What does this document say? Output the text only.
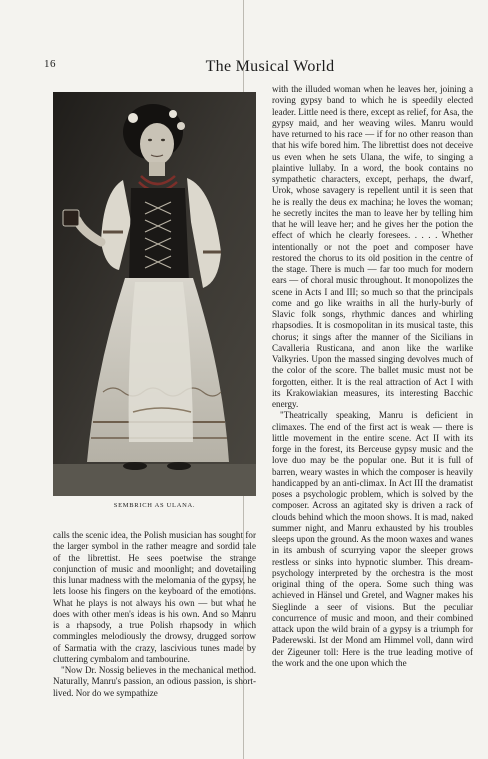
16	The Musical World
SEMBRICH AS ULANA.

calls the scenic idea, the Polish musician has sought for the larger symbol in the rather meagre and sordid tale of the librettist. He sees poetwise the strange conjunction of music and moonlight; and dovetailing this lunar madness with the melomania of the gypsy, he lets loose his fingers on the keyboard of the emotions. What he plays is not always his own — but what he does with other men's ideas is his own. And so Manru is a rhapsody, a true Polish rhapsody in which commingles melodiously the drowsy, drugged sorrow of Sarmatia with the crazy, lascivious tunes made by cluttering cymbalom and tambourine.

"Now Dr. Nossig believes in the mechanical method. Naturally, Manru's passion, an odious passion, is short-lived. Nor do we sympathize

with the illuded woman when he leaves her, joining a roving gypsy band to which he is speedily elected leader. Little need is there, except as relief, for Asa, the gypsy maid, and her weaving wiles. Manru would have returned to his race — if for no other reason than that his wife bored him. The librettist does not deceive us even when he sets Ulana, the wife, to singing a plaintive lullaby. In a word, the book contains no sympathetic characters, except, perhaps, the dwarf, Urok, whose savagery is repellent until it is seen that he is really the deus ex machina; he loves the woman; he secretly incites the man to leave her by telling him that he will leave her; and he gives her the potion the effect of which he clearly foresees. . . . . Whether intentionally or not the poet and composer have restored the chorus to its old position in the centre of the stage. There is much — far too much for modern ears — of choral music throughout. It monopolizes the scene in Acts I and III; so much so that the principals come and go like wraiths in all the hurly-burly of Slavic folk songs, rhythmic dances and whirling rhapsodies. It is cosmopolitan in its musical taste, this chorus; it sings after the manner of the Sicilians in Cavalleria Rusticana, and anon like the warlike Valkyries. Upon the massed singing devolves much of the color of the score. The ballet music must not be forgotten, either. It is the real attraction of Act I with its Krakowiakian measures, its interesting Bacchic energy.

"Theatrically speaking, Manru is deficient in climaxes. The end of the first act is weak — there is little movement in the entire scene. Act II with its forge in the forest, its Berceuse gypsy music and the love duo may be the popular one. But it is full of barren, weary wastes in which the composer is heavily handicapped by an anti-climax. In Act III the dramatist poses a psychologic problem, which is solved by the composer. Across an agitated sky is driven a rack of clouds behind which the moon shows. It is mad, naked summer night, and Manru exhausted by his troubles sleeps upon the ground. As the moon waxes and wanes in its ambush of scurrying vapor the sleeper grows restless or sinks into hypnotic slumber. This dream-psychology interpreted by the orchestra is the most original thing of the opera. Some such thing was achieved in Hänsel und Gretel, and Wagner makes his Sieglinde a seer of visions. But the peculiar concurrence of music and moon, and their combined attack upon the wild brain of a gypsy is a triumph for Paderewski. Ist der Mond am Himmel voll, dann wird der Zigeuner toll: Here is the true leading motive of the work and the one upon which the
